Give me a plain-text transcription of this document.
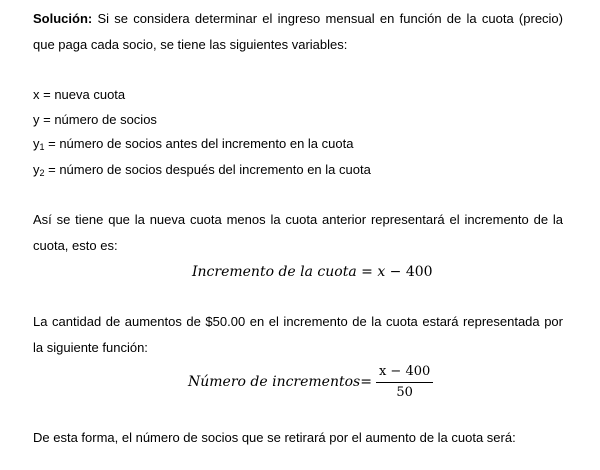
Solución: Si se considera determinar el ingreso mensual en función de la cuota (precio) que paga cada socio, se tiene las siguientes variables:

x = nueva cuota

y = número de socios

$y_1$ = número de socios antes del incremento en la cuota

$y_2$ = número de socios después del incremento en la cuota

Así se tiene que la nueva cuota menos la cuota anterior representará el incremento de la cuota, esto es:

Incremento de la cuota = x − 400

La cantidad de aumentos de $50.00 en el incremento de la cuota estará representada por la siguiente función:

Número de incrementos = $\frac{x - 400}{50}$

De esta forma, el número de socios que se retirará por el aumento de la cuota será:
